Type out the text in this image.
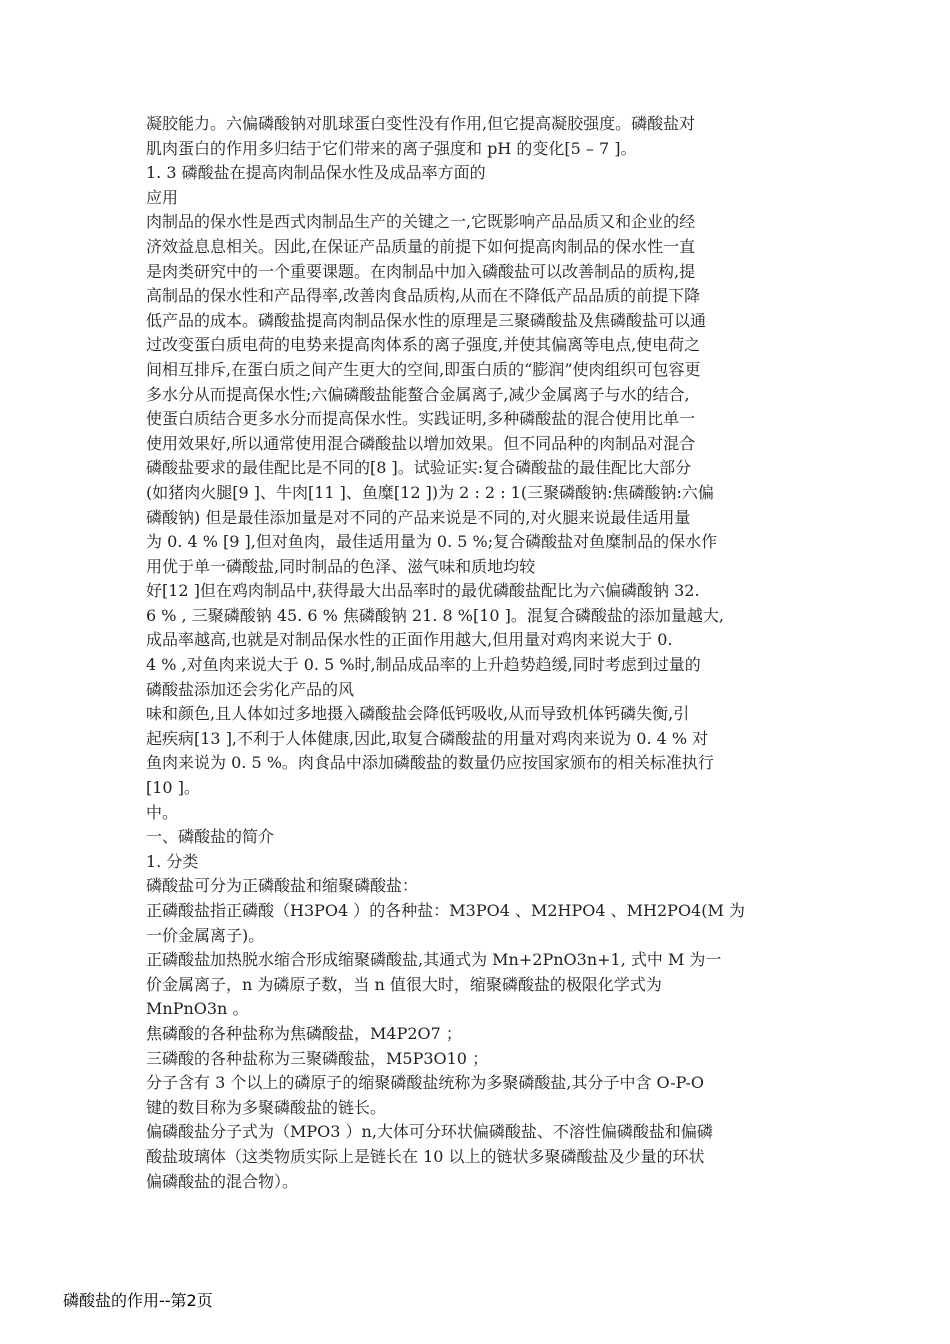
凝胶能力。六偏磷酸钠对肌球蛋白变性没有作用,但它提高凝胶强度。磷酸盐对
肌肉蛋白的作用多归结于它们带来的离子强度和 pH 的变化[5 – 7 ]。
1. 3 磷酸盐在提高肉制品保水性及成品率方面的
应用
肉制品的保水性是西式肉制品生产的关键之一,它既影响产品品质又和企业的经
济效益息息相关。因此,在保证产品质量的前提下如何提高肉制品的保水性一直
是肉类研究中的一个重要课题。在肉制品中加入磷酸盐可以改善制品的质构,提
高制品的保水性和产品得率,改善肉食品质构,从而在不降低产品品质的前提下降
低产品的成本。磷酸盐提高肉制品保水性的原理是三聚磷酸盐及焦磷酸盐可以通
过改变蛋白质电荷的电势来提高肉体系的离子强度,并使其偏离等电点,使电荷之
间相互排斥,在蛋白质之间产生更大的空间,即蛋白质的“膨润”使肉组织可包容更
多水分从而提高保水性;六偏磷酸盐能螯合金属离子,减少金属离子与水的结合,
使蛋白质结合更多水分而提高保水性。实践证明,多种磷酸盐的混合使用比单一
使用效果好,所以通常使用混合磷酸盐以增加效果。但不同品种的肉制品对混合
磷酸盐要求的最佳配比是不同的[8 ]。试验证实:复合磷酸盐的最佳配比大部分
(如猪肉火腿[9 ]、牛肉[11 ]、鱼糜[12 ])为 2 : 2 : 1(三聚磷酸钠:焦磷酸钠:六偏
磷酸钠) 但是最佳添加量是对不同的产品来说是不同的,对火腿来说最佳适用量
为 0. 4 % [9 ],但对鱼肉，最佳适用量为 0. 5 %;复合磷酸盐对鱼糜制品的保水作
用优于单一磷酸盐,同时制品的色泽、滋气味和质地均较
好[12 ]但在鸡肉制品中,获得最大出品率时的最优磷酸盐配比为六偏磷酸钠 32.
6 % , 三聚磷酸钠 45. 6 % 焦磷酸钠 21. 8 %[10 ]。混复合磷酸盐的添加量越大,
成品率越高,也就是对制品保水性的正面作用越大,但用量对鸡肉来说大于 0.
4 % ,对鱼肉来说大于 0. 5 %时,制品成品率的上升趋势趋缓,同时考虑到过量的
磷酸盐添加还会劣化产品的风
味和颜色,且人体如过多地摄入磷酸盐会降低钙吸收,从而导致机体钙磷失衡,引
起疾病[13 ],不利于人体健康,因此,取复合磷酸盐的用量对鸡肉来说为 0. 4 % 对
鱼肉来说为 0. 5 %。肉食品中添加磷酸盐的数量仍应按国家颁布的相关标准执行
[10 ]。
中。
一、磷酸盐的简介
1. 分类
磷酸盐可分为正磷酸盐和缩聚磷酸盐：
正磷酸盐指正磷酸（H3PO4 ）的各种盐：M3PO4 、M2HPO4 、MH2PO4(M 为
一价金属离子)。
正磷酸盐加热脱水缩合形成缩聚磷酸盐,其通式为 Mn+2PnO3n+1, 式中 M 为一
价金属离子，n 为磷原子数，当 n 值很大时，缩聚磷酸盐的极限化学式为
MnPnO3n 。
焦磷酸的各种盐称为焦磷酸盐，M4P2O7 ；
三磷酸的各种盐称为三聚磷酸盐，M5P3O10 ；
分子含有 3 个以上的磷原子的缩聚磷酸盐统称为多聚磷酸盐,其分子中含 O-P-O
键的数目称为多聚磷酸盐的链长。
偏磷酸盐分子式为（MPO3 ）n,大体可分环状偏磷酸盐、不溶性偏磷酸盐和偏磷
酸盐玻璃体（这类物质实际上是链长在 10 以上的链状多聚磷酸盐及少量的环状
偏磷酸盐的混合物）。
磷酸盐的作用--第2页
